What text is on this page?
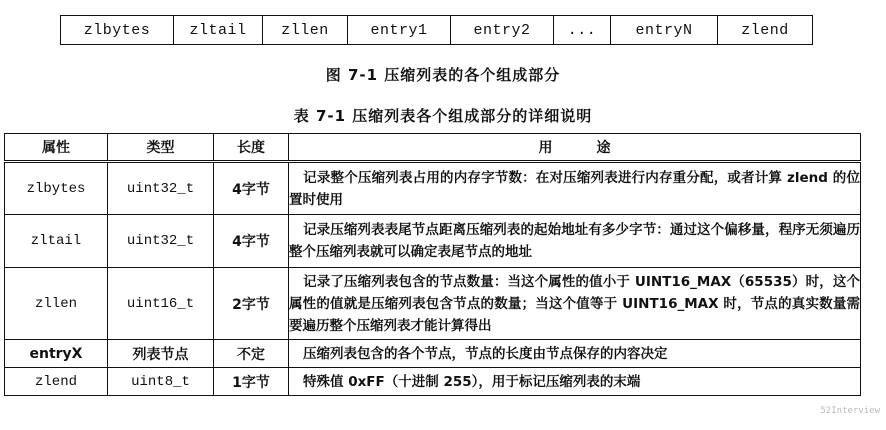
zlbytes	zltail	zllen	entry1	entry2	...	entryN	zlend
图 7-1 压缩列表的各个组成部分
表 7-1 压缩列表各个组成部分的详细说明
属性	类型	长度	用途
zlbytes	uint32_t	4字节	记录整个压缩列表占用的内存字节数：在对压缩列表进行内存重分配，或者计算 zlend 的位置时使用
zltail	uint32_t	4字节	记录压缩列表表尾节点距离压缩列表的起始地址有多少字节：通过这个偏移量，程序无须遍历整个压缩列表就可以确定表尾节点的地址
zllen	uint16_t	2字节	记录了压缩列表包含的节点数量：当这个属性的值小于 UINT16_MAX（65535）时，这个属性的值就是压缩列表包含节点的数量；当这个值等于 UINT16_MAX 时，节点的真实数量需要遍历整个压缩列表才能计算得出
entryX	列表节点	不定	压缩列表包含的各个节点，节点的长度由节点保存的内容决定
zlend	uint8_t	1字节	特殊值 0xFF（十进制 255），用于标记压缩列表的末端
52Interview
